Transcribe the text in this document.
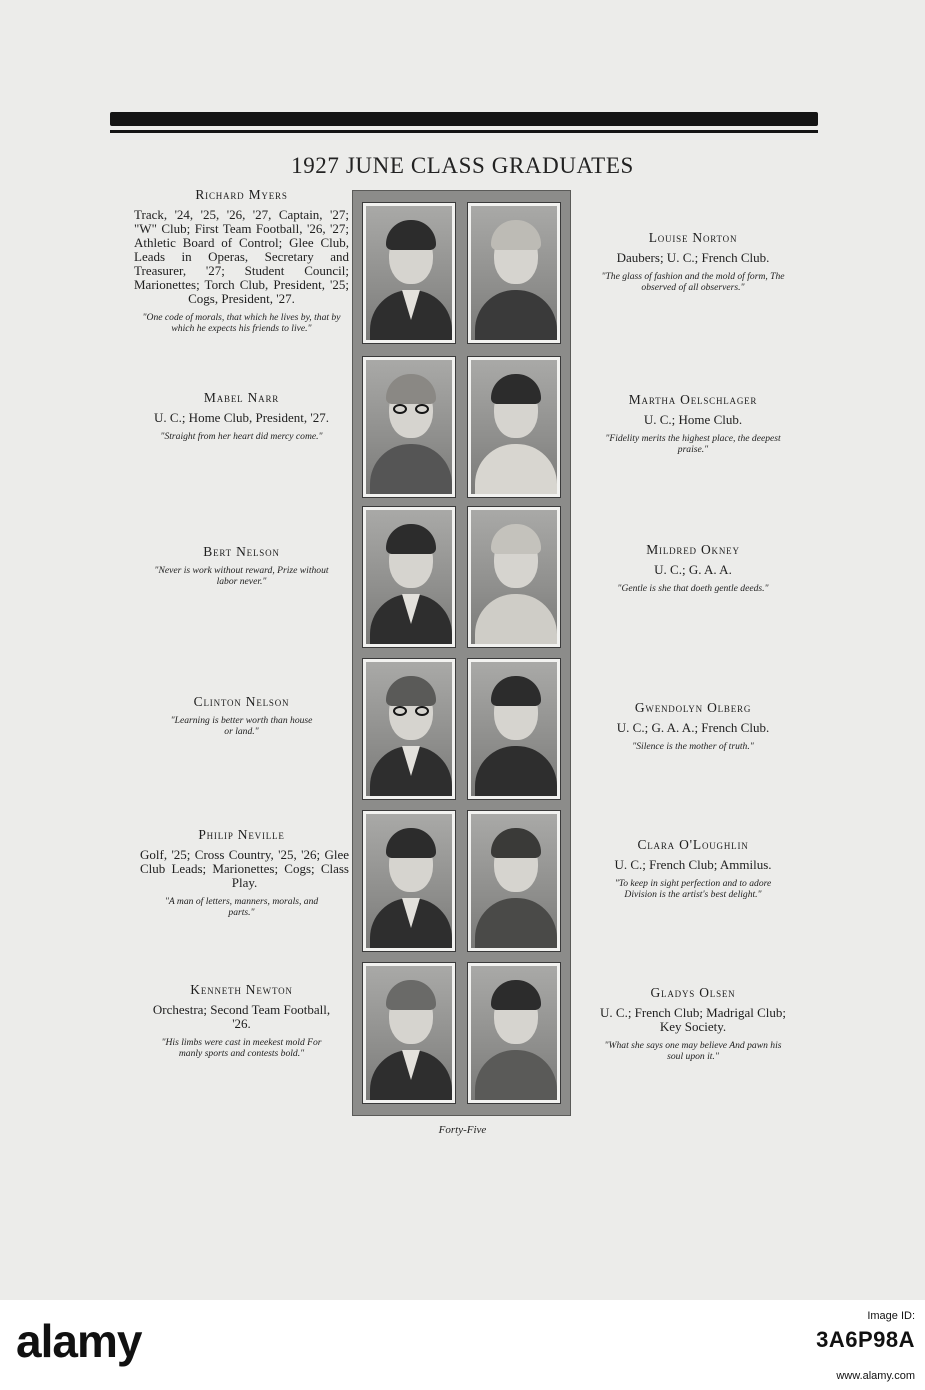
1927 JUNE CLASS GRADUATES
Richard Myers
Track, '24, '25, '26, '27, Captain, '27; "W" Club; First Team Football, '26, '27; Athletic Board of Control; Glee Club, Leads in Operas, Secretary and Treasurer, '27; Student Council; Marionettes; Torch Club, President, '25; Cogs, President, '27.
"One code of morals, that which he lives by, that by which he expects his friends to live."
Mabel Narr
U. C.; Home Club, President, '27.
"Straight from her heart did mercy come."
Bert Nelson
"Never is work without reward, Prize without labor never."
Clinton Nelson
"Learning is better worth than house or land."
Philip Neville
Golf, '25; Cross Country, '25, '26; Glee Club Leads; Marionettes; Cogs; Class Play.
"A man of letters, manners, morals, and parts."
Kenneth Newton
Orchestra; Second Team Football, '26.
"His limbs were cast in meekest mold For manly sports and contests bold."
Louise Norton
Daubers; U. C.; French Club.
"The glass of fashion and the mold of form, The observed of all observers."
Martha Oelschlager
U. C.; Home Club.
"Fidelity merits the highest place, the deepest praise."
Mildred Okney
U. C.; G. A. A.
"Gentle is she that doeth gentle deeds."
Gwendolyn Olberg
U. C.; G. A. A.; French Club.
"Silence is the mother of truth."
Clara O'Loughlin
U. C.; French Club; Ammilus.
"To keep in sight perfection and to adore Division is the artist's best delight."
Gladys Olsen
U. C.; French Club; Madrigal Club; Key Society.
"What she says one may believe And pawn his soul upon it."
Forty-Five
alamy	Image ID:
3A6P98A
www.alamy.com
